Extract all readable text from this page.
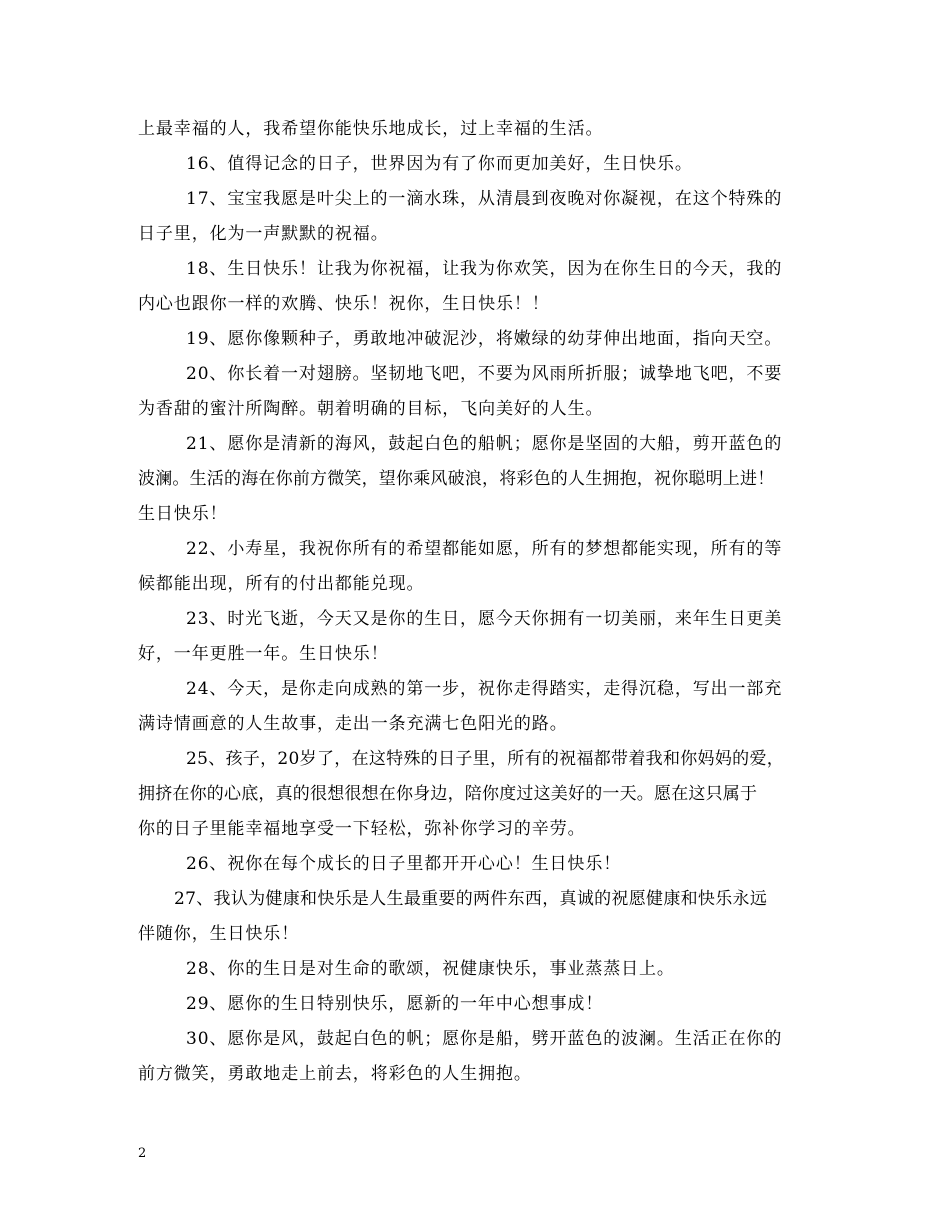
上最幸福的人，我希望你能快乐地成长，过上幸福的生活。
16、值得记念的日子，世界因为有了你而更加美好，生日快乐。
17、宝宝我愿是叶尖上的一滴水珠，从清晨到夜晚对你凝视，在这个特殊的
日子里，化为一声默默的祝福。
18、生日快乐！让我为你祝福，让我为你欢笑，因为在你生日的今天，我的
内心也跟你一样的欢腾、快乐！祝你，生日快乐！！
19、愿你像颗种子，勇敢地冲破泥沙，将嫩绿的幼芽伸出地面，指向天空。
20、你长着一对翅膀。坚韧地飞吧，不要为风雨所折服；诚挚地飞吧，不要
为香甜的蜜汁所陶醉。朝着明确的目标，飞向美好的人生。
21、愿你是清新的海风，鼓起白色的船帆；愿你是坚固的大船，剪开蓝色的
波澜。生活的海在你前方微笑，望你乘风破浪，将彩色的人生拥抱，祝你聪明上进！
生日快乐！
22、小寿星，我祝你所有的希望都能如愿，所有的梦想都能实现，所有的等
候都能出现，所有的付出都能兑现。
23、时光飞逝，今天又是你的生日，愿今天你拥有一切美丽，来年生日更美
好，一年更胜一年。生日快乐！
24、今天，是你走向成熟的第一步，祝你走得踏实，走得沉稳，写出一部充
满诗情画意的人生故事，走出一条充满七色阳光的路。
25、孩子，20岁了，在这特殊的日子里，所有的祝福都带着我和你妈妈的爱，
拥挤在你的心底，真的很想很想在你身边，陪你度过这美好的一天。愿在这只属于
你的日子里能幸福地享受一下轻松，弥补你学习的辛劳。
26、祝你在每个成长的日子里都开开心心！生日快乐！
27、我认为健康和快乐是人生最重要的两件东西，真诚的祝愿健康和快乐永远
伴随你，生日快乐！
28、你的生日是对生命的歌颂，祝健康快乐，事业蒸蒸日上。
29、愿你的生日特别快乐，愿新的一年中心想事成！
30、愿你是风，鼓起白色的帆；愿你是船，劈开蓝色的波澜。生活正在你的
前方微笑，勇敢地走上前去，将彩色的人生拥抱。
2
